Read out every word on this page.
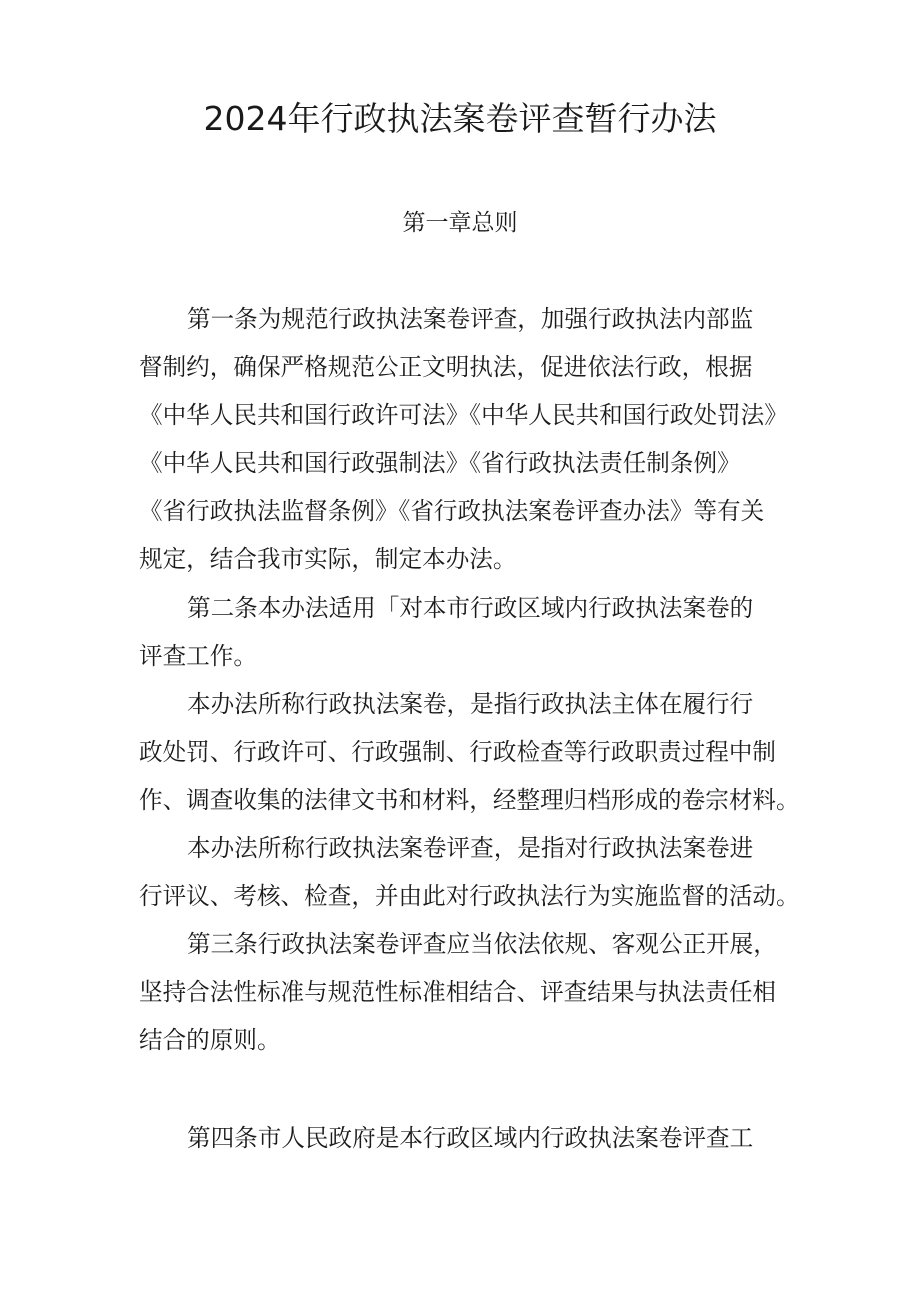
2024年行政执法案卷评查暂行办法
第一章总则
第一条为规范行政执法案卷评查，加强行政执法内部监
督制约，确保严格规范公正文明执法，促进依法行政，根据
《中华人民共和国行政许可法》《中华人民共和国行政处罚法》
《中华人民共和国行政强制法》《省行政执法责任制条例》
《省行政执法监督条例》《省行政执法案卷评查办法》等有关
规定，结合我市实际，制定本办法。
第二条本办法适用「对本市行政区域内行政执法案卷的
评查工作。
本办法所称行政执法案卷，是指行政执法主体在履行行
政处罚、行政许可、行政强制、行政检查等行政职责过程中制
作、调查收集的法律文书和材料，经整理归档形成的卷宗材料。
本办法所称行政执法案卷评查，是指对行政执法案卷进
行评议、考核、检查，并由此对行政执法行为实施监督的活动。
第三条行政执法案卷评查应当依法依规、客观公正开展，
坚持合法性标准与规范性标准相结合、评查结果与执法责任相
结合的原则。
第四条市人民政府是本行政区域内行政执法案卷评查工
